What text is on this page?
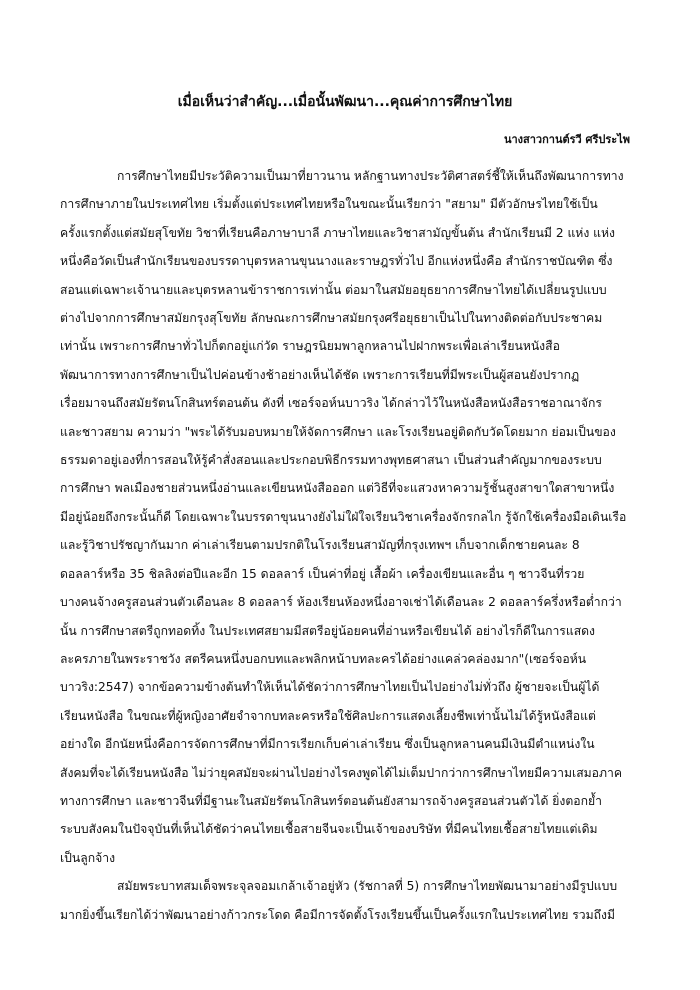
เมื่อเห็นว่าสำคัญ...เมื่อนั้นพัฒนา...คุณค่าการศึกษาไทย
นางสาวกานต์รวี ศรีประไพ

การศึกษาไทยมีประวัติความเป็นมาที่ยาวนาน หลักฐานทางประวัติศาสตร์ชี้ให้เห็นถึงพัฒนาการทาง
การศึกษาภายในประเทศไทย เริ่มตั้งแต่ประเทศไทยหรือในขณะนั้นเรียกว่า "สยาม" มีตัวอักษรไทยใช้เป็น
ครั้งแรกตั้งแต่สมัยสุโขทัย วิชาที่เรียนคือภาษาบาลี ภาษาไทยและวิชาสามัญขั้นต้น สำนักเรียนมี 2 แห่ง แห่ง
หนึ่งคือวัดเป็นสำนักเรียนของบรรดาบุตรหลานขุนนางและราษฎรทั่วไป อีกแห่งหนึ่งคือ สำนักราชบัณฑิต ซึ่ง
สอนแต่เฉพาะเจ้านายและบุตรหลานข้าราชการเท่านั้น ต่อมาในสมัยอยุธยาการศึกษาไทยได้เปลี่ยนรูปแบบ
ต่างไปจากการศึกษาสมัยกรุงสุโขทัย ลักษณะการศึกษาสมัยกรุงศรีอยุธยาเป็นไปในทางติดต่อกับประชาคม
เท่านั้น เพราะการศึกษาทั่วไปก็ตกอยู่แก่วัด ราษฎรนิยมพาลูกหลานไปฝากพระเพื่อเล่าเรียนหนังสือ
พัฒนาการทางการศึกษาเป็นไปค่อนข้างช้าอย่างเห็นได้ชัด เพราะการเรียนที่มีพระเป็นผู้สอนยังปรากฏ
เรื่อยมาจนถึงสมัยรัตนโกสินทร์ตอนต้น ดังที่ เซอร์จอห์นบาวริง ได้กล่าวไว้ในหนังสือหนังสือราชอาณาจักร
และชาวสยาม ความว่า "พระได้รับมอบหมายให้จัดการศึกษา และโรงเรียนอยู่ติดกับวัดโดยมาก ย่อมเป็นของ
ธรรมดาอยู่เองที่การสอนให้รู้คำสั่งสอนและประกอบพิธีกรรมทางพุทธศาสนา เป็นส่วนสำคัญมากของระบบ
การศึกษา พลเมืองชายส่วนหนึ่งอ่านและเขียนหนังสือออก แต่วิธีที่จะแสวงหาความรู้ชั้นสูงสาขาใดสาขาหนึ่ง
มีอยู่น้อยถึงกระนั้นก็ดี โดยเฉพาะในบรรดาขุนนางยังไม่ใฝ่ใจเรียนวิชาเครื่องจักรกลไก รู้จักใช้เครื่องมือเดินเรือ
และรู้วิชาปรัชญากันมาก ค่าเล่าเรียนตามปรกติในโรงเรียนสามัญที่กรุงเทพฯ เก็บจากเด็กชายคนละ 8
ดอลลาร์หรือ 35 ชิลลิงต่อปีและอีก 15 ดอลลาร์ เป็นค่าที่อยู่ เสื้อผ้า เครื่องเขียนและอื่น ๆ ชาวจีนที่รวย
บางคนจ้างครูสอนส่วนตัวเดือนละ 8 ดอลลาร์ ห้องเรียนห้องหนึ่งอาจเช่าได้เดือนละ 2 ดอลลาร์ครึ่งหรือต่ำกว่า
นั้น การศึกษาสตรีถูกทอดทิ้ง ในประเทศสยามมีสตรีอยู่น้อยคนที่อ่านหรือเขียนได้ อย่างไรก็ดีในการแสดง
ละครภายในพระราชวัง สตรีคนหนึ่งบอกบทและพลิกหน้าบทละครได้อย่างแคล่วคล่องมาก"(เซอร์จอห์น
บาวริง:2547) จากข้อความข้างต้นทำให้เห็นได้ชัดว่าการศึกษาไทยเป็นไปอย่างไม่ทั่วถึง ผู้ชายจะเป็นผู้ได้
เรียนหนังสือ ในขณะที่ผู้หญิงอาศัยจำจากบทละครหรือใช้ศิลปะการแสดงเลี้ยงชีพเท่านั้นไม่ได้รู้หนังสือแต่
อย่างใด อีกนัยหนึ่งคือการจัดการศึกษาที่มีการเรียกเก็บค่าเล่าเรียน ซึ่งเป็นลูกหลานคนมีเงินมีตำแหน่งใน
สังคมที่จะได้เรียนหนังสือ ไม่ว่ายุคสมัยจะผ่านไปอย่างไรคงพูดได้ไม่เต็มปากว่าการศึกษาไทยมีความเสมอภาค
ทางการศึกษา และชาวจีนที่มีฐานะในสมัยรัตนโกสินทร์ตอนต้นยังสามารถจ้างครูสอนส่วนตัวได้ ยิ่งตอกย้ำ
ระบบสังคมในปัจจุบันที่เห็นได้ชัดว่าคนไทยเชื้อสายจีนจะเป็นเจ้าของบริษัท ที่มีคนไทยเชื้อสายไทยแต่เดิม
เป็นลูกจ้าง

สมัยพระบาทสมเด็จพระจุลจอมเกล้าเจ้าอยู่หัว (รัชกาลที่ 5) การศึกษาไทยพัฒนามาอย่างมีรูปแบบ
มากยิ่งขึ้นเรียกได้ว่าพัฒนาอย่างก้าวกระโดด คือมีการจัดตั้งโรงเรียนขึ้นเป็นครั้งแรกในประเทศไทย รวมถึงมี
